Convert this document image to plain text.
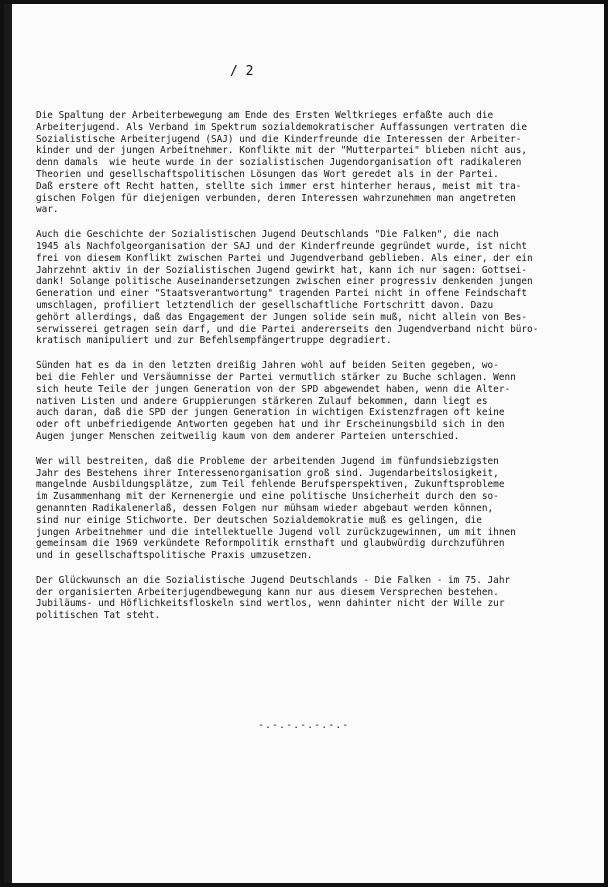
/ 2
Die Spaltung der Arbeiterbewegung am Ende des Ersten Weltkrieges erfaßte auch die
Arbeiterjugend. Als Verband im Spektrum sozialdemokratischer Auffassungen vertraten die
Sozialistische Arbeiterjugend (SAJ) und die Kinderfreunde die Interessen der Arbeiter-
kinder und der jungen Arbeitnehmer. Konflikte mit der "Mutterpartei" blieben nicht aus,
denn damals  wie heute wurde in der sozialistischen Jugendorganisation oft radikaleren
Theorien und gesellschaftspolitischen Lösungen das Wort geredet als in der Partei.
Daß erstere oft Recht hatten, stellte sich immer erst hinterher heraus, meist mit tra-
gischen Folgen für diejenigen verbunden, deren Interessen wahrzunehmen man angetreten
war.
Auch die Geschichte der Sozialistischen Jugend Deutschlands "Die Falken", die nach
1945 als Nachfolgeorganisation der SAJ und der Kinderfreunde gegründet wurde, ist nicht
frei von diesem Konflikt zwischen Partei und Jugendverband geblieben. Als einer, der ein
Jahrzehnt aktiv in der Sozialistischen Jugend gewirkt hat, kann ich nur sagen: Gottsei-
dank! Solange politische Auseinandersetzungen zwischen einer progressiv denkenden jungen
Generation und einer "Staatsverantwortung" tragenden Partei nicht in offene Feindschaft
umschlagen, profiliert letztendlich der gesellschaftliche Fortschritt davon. Dazu
gehört allerdings, daß das Engagement der Jungen solide sein muß, nicht allein von Bes-
serwisserei getragen sein darf, und die Partei andererseits den Jugendverband nicht büro-
kratisch manipuliert und zur Befehlsempfängertruppe degradiert.
Sünden hat es da in den letzten dreißig Jahren wohl auf beiden Seiten gegeben, wo-
bei die Fehler und Versäumnisse der Partei vermutlich stärker zu Buche schlagen. Wenn
sich heute Teile der jungen Generation von der SPD abgewendet haben, wenn die Alter-
nativen Listen und andere Gruppierungen stärkeren Zulauf bekommen, dann liegt es
auch daran, daß die SPD der jungen Generation in wichtigen Existenzfragen oft keine
oder oft unbefriedigende Antworten gegeben hat und ihr Erscheinungsbild sich in den
Augen junger Menschen zeitweilig kaum von dem anderer Parteien unterschied.
Wer will bestreiten, daß die Probleme der arbeitenden Jugend im fünfundsiebzigsten
Jahr des Bestehens ihrer Interessenorganisation groß sind. Jugendarbeitslosigkeit,
mangelnde Ausbildungsplätze, zum Teil fehlende Berufsperspektiven, Zukunftsprobleme
im Zusammenhang mit der Kernenergie und eine politische Unsicherheit durch den so-
genannten Radikalenerlaß, dessen Folgen nur mühsam wieder abgebaut werden können,
sind nur einige Stichworte. Der deutschen Sozialdemokratie muß es gelingen, die
jungen Arbeitnehmer und die intellektuelle Jugend voll zurückzugewinnen, um mit ihnen
gemeinsam die 1969 verkündete Reformpolitik ernsthaft und glaubwürdig durchzuführen
und in gesellschaftspolitische Praxis umzusetzen.
Der Glückwunsch an die Sozialistische Jugend Deutschlands - Die Falken - im 75. Jahr
der organisierten Arbeiterjugendbewegung kann nur aus diesem Versprechen bestehen.
Jubiläums- und Höflichkeitsfloskeln sind wertlos, wenn dahinter nicht der Wille zur
politischen Tat steht.
-.-.-.-.-.-.-
